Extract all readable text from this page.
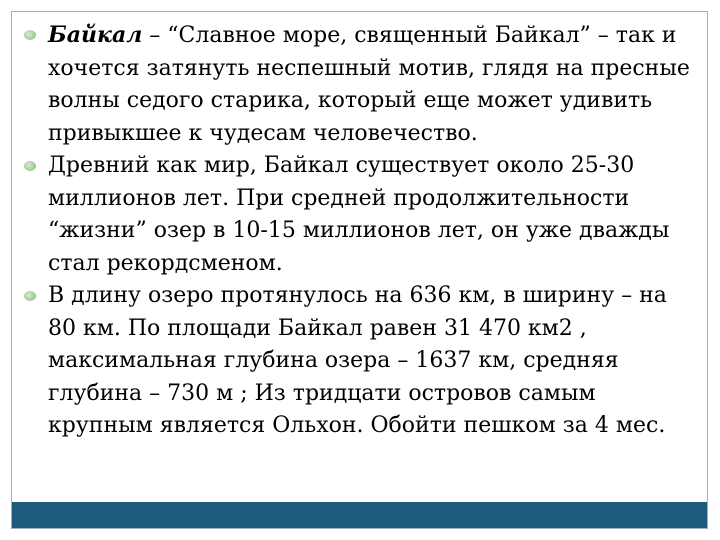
Байкал – “Славное море, священный Байкал” – так и хочется затянуть неспешный мотив, глядя на пресные волны седого старика, который еще может удивить привыкшее к чудесам человечество.

Древний как мир, Байкал существует около 25-30 миллионов лет. При средней продолжительности “жизни” озер в 10-15 миллионов лет, он уже дважды стал рекордсменом.

В длину озеро протянулось на 636 км, в ширину – на 80 км. По площади Байкал равен 31 470 км2 , максимальная глубина озера – 1637 км, средняя глубина – 730 м ; Из тридцати островов самым крупным является Ольхон. Обойти пешком за 4 мес.
